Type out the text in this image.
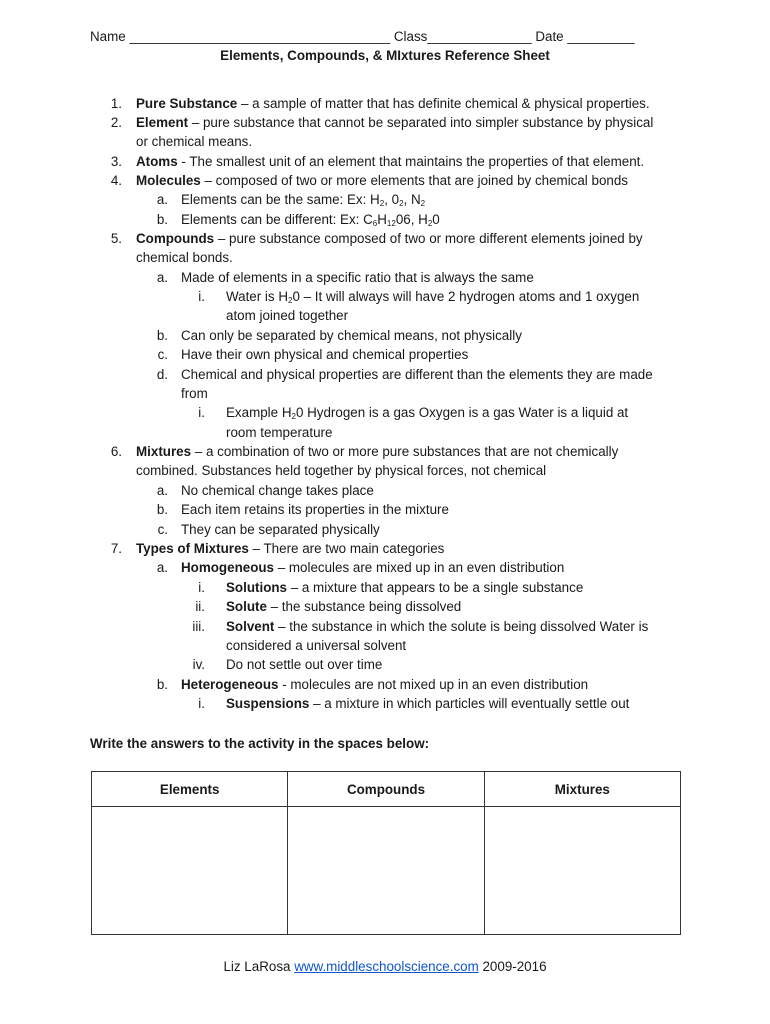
Name ___________________________________ Class______________ Date _________
Elements, Compounds, & MIxtures Reference Sheet
1. Pure Substance – a sample of matter that has definite chemical & physical properties.
2. Element – pure substance that cannot be separated into simpler substance by physical
or chemical means.
3. Atoms - The smallest unit of an element that maintains the properties of that element.
4. Molecules – composed of two or more elements that are joined by chemical bonds
a. Elements can be the same: Ex: $H_2$, $0_2$, $N_2$
b. Elements can be different: Ex: $C_6H_{12}06$, $H_20$
5. Compounds – pure substance composed of two or more different elements joined by
chemical bonds.
a. Made of elements in a specific ratio that is always the same
i. Water is $H_20$ – It will always will have 2 hydrogen atoms and 1 oxygen
atom joined together
b. Can only be separated by chemical means, not physically
c. Have their own physical and chemical properties
d. Chemical and physical properties are different than the elements they are made
from
i. Example $H_20$ Hydrogen is a gas Oxygen is a gas Water is a liquid at
room temperature
6. Mixtures – a combination of two or more pure substances that are not chemically
combined. Substances held together by physical forces, not chemical
a. No chemical change takes place
b. Each item retains its properties in the mixture
c. They can be separated physically
7. Types of Mixtures – There are two main categories
a. Homogeneous – molecules are mixed up in an even distribution
i. Solutions – a mixture that appears to be a single substance
ii. Solute – the substance being dissolved
iii. Solvent – the substance in which the solute is being dissolved Water is
considered a universal solvent
iv. Do not settle out over time
b. Heterogeneous - molecules are not mixed up in an even distribution
i. Suspensions – a mixture in which particles will eventually settle out
Write the answers to the activity in the spaces below:
Elements	Compounds	Mixtures

Liz LaRosa www.middleschoolscience.com 2009-2016
